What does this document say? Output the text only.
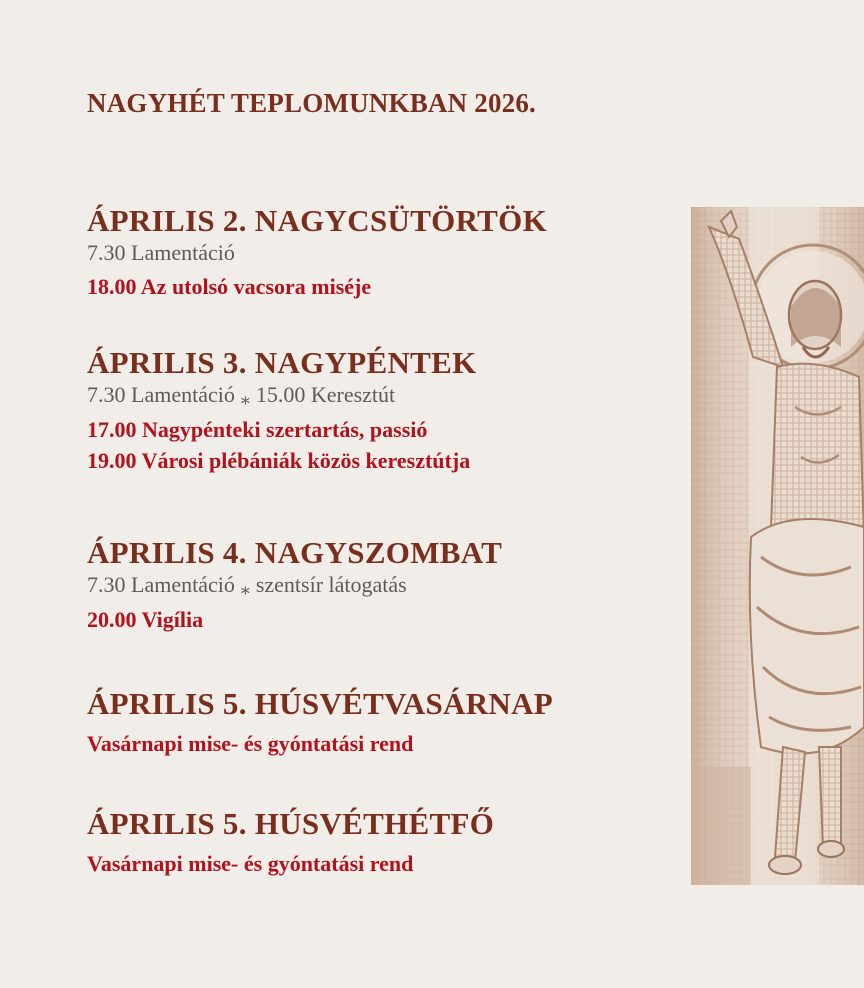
NAGYHÉT TEPLOMUNKBAN 2026.
ÁPRILIS 2. NAGYCSÜTÖRTÖK
7.30 Lamentáció
18.00 Az utolsó vacsora miséje
ÁPRILIS 3. NAGYPÉNTEK
7.30 Lamentáció ⁎ 15.00 Keresztút
17.00 Nagypénteki szertartás, passió
19.00 Városi plébániák közös keresztútja
ÁPRILIS 4. NAGYSZOMBAT
7.30 Lamentáció ⁎ szentsír látogatás
20.00 Vigília
ÁPRILIS 5. HÚSVÉTVASÁRNAP
Vasárnapi mise- és gyóntatási rend
ÁPRILIS 5. HÚSVÉTHÉTFŐ
Vasárnapi mise- és gyóntatási rend
